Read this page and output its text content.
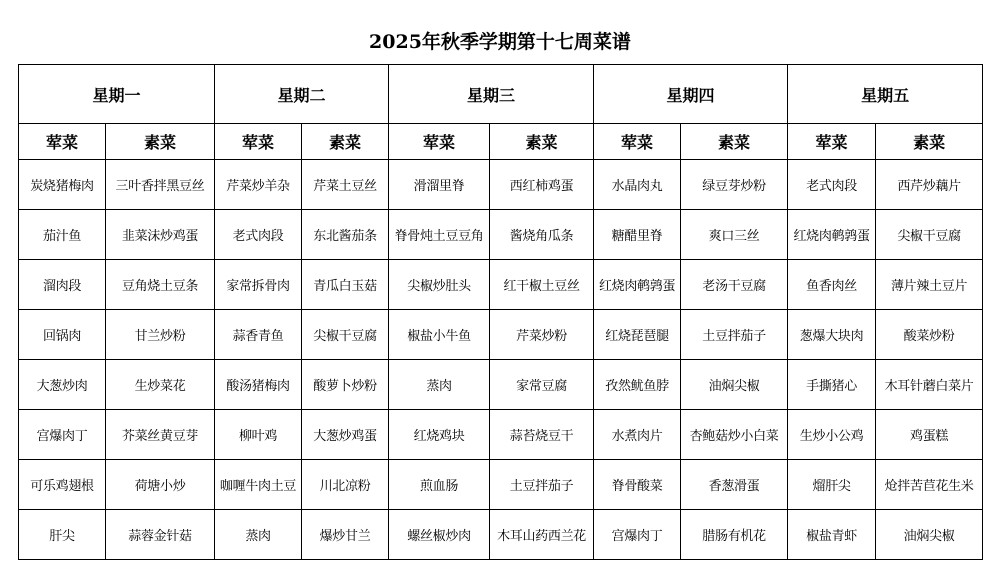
2025年秋季学期第十七周菜谱
星期一		星期二		星期三		星期四		星期五	
荤菜	素菜	荤菜	素菜	荤菜	素菜	荤菜	素菜	荤菜	素菜
炭烧猪梅肉	三叶香拌黑豆丝	芹菜炒羊杂	芹菜土豆丝	滑溜里脊	西红柿鸡蛋	水晶肉丸	绿豆芽炒粉	老式肉段	西芹炒藕片
茄汁鱼	韭菜沫炒鸡蛋	老式肉段	东北酱茄条	脊骨炖土豆豆角	酱烧角瓜条	糖醋里脊	爽口三丝	红烧肉鹌鹑蛋	尖椒干豆腐
溜肉段	豆角烧土豆条	家常拆骨肉	青瓜白玉菇	尖椒炒肚头	红干椒土豆丝	红烧肉鹌鹑蛋	老汤干豆腐	鱼香肉丝	薄片辣土豆片
回锅肉	甘兰炒粉	蒜香青鱼	尖椒干豆腐	椒盐小牛鱼	芹菜炒粉	红烧琵琶腿	土豆拌茄子	葱爆大块肉	酸菜炒粉
大葱炒肉	生炒菜花	酸汤猪梅肉	酸萝卜炒粉	蒸肉	家常豆腐	孜然鱿鱼脖	油焖尖椒	手撕猪心	木耳针蘑白菜片
宫爆肉丁	芥菜丝黄豆芽	柳叶鸡	大葱炒鸡蛋	红烧鸡块	蒜苔烧豆干	水煮肉片	杏鲍菇炒小白菜	生炒小公鸡	鸡蛋糕
可乐鸡翅根	荷塘小炒	咖喱牛肉土豆	川北凉粉	煎血肠	土豆拌茄子	脊骨酸菜	香葱滑蛋	熘肝尖	炝拌苦苣花生米
肝尖	蒜蓉金针菇	蒸肉	爆炒甘兰	螺丝椒炒肉	木耳山药西兰花	宫爆肉丁	腊肠有机花	椒盐青虾	油焖尖椒
